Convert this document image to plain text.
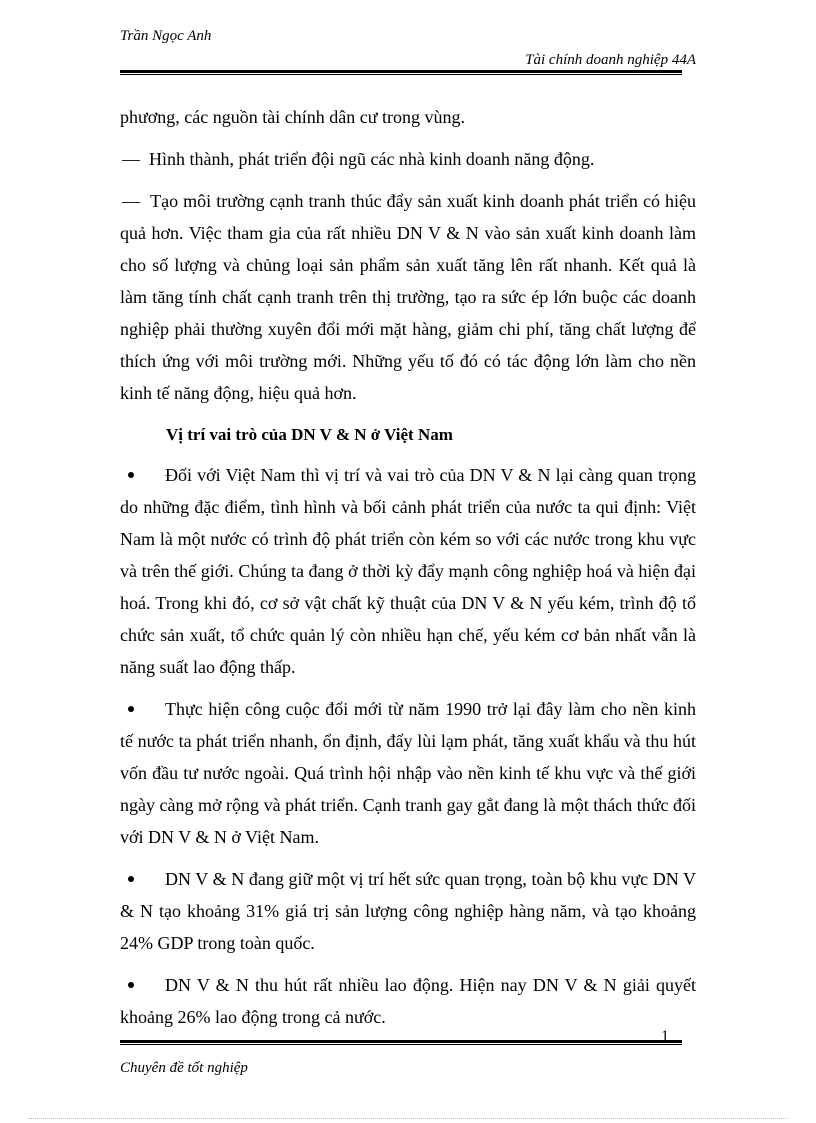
Trần Ngọc Anh
Tài chính doanh nghiệp 44A

phương, các nguồn tài chính dân cư trong vùng.

—  Hình thành, phát triển đội ngũ các nhà kinh doanh năng động.

—  Tạo môi trường cạnh tranh thúc đẩy sản xuất kinh doanh phát triển có hiệu quả hơn. Việc tham gia của rất nhiều DN V & N vào sản xuất kinh doanh làm cho số lượng và chủng loại sản phẩm sản xuất tăng lên rất nhanh. Kết quả là làm tăng tính chất cạnh tranh trên thị trường, tạo ra sức ép lớn buộc các doanh nghiệp phải thường xuyên đổi mới mặt hàng, giảm chi phí, tăng chất lượng để thích ứng với môi trường mới. Những yếu tố đó có tác động lớn làm cho nền kinh tế năng động, hiệu quả hơn.

Vị trí vai trò của DN V & N ở Việt Nam

Đối với Việt Nam thì vị trí và vai trò của DN V & N lại càng quan trọng do những đặc điểm, tình hình và bối cảnh phát triển của nước ta qui định: Việt Nam là một nước có trình độ phát triển còn kém so với các nước trong khu vực và trên thế giới. Chúng ta đang ở thời kỳ đẩy mạnh công nghiệp hoá và hiện đại hoá. Trong khi đó, cơ sở vật chất kỹ thuật của DN V & N yếu kém, trình độ tổ chức sản xuất, tổ chức quản lý còn nhiều hạn chế, yếu kém cơ bản nhất vẫn là năng suất lao động thấp.

Thực hiện công cuộc đổi mới từ năm 1990 trở lại đây làm cho nền kinh tế nước ta phát triển nhanh, ổn định, đẩy lùi lạm phát, tăng xuất khẩu và thu hút vốn đầu tư nước ngoài. Quá trình hội nhập vào nền kinh tế khu vực và thế giới ngày càng mở rộng và phát triển. Cạnh tranh gay gắt đang là một thách thức đối với DN V & N ở Việt Nam.

DN V & N đang giữ một vị trí hết sức quan trọng, toàn bộ khu vực DN V & N tạo khoảng 31% giá trị sản lượng công nghiệp hàng năm, và tạo khoảng 24% GDP trong toàn quốc.

DN V & N thu hút rất nhiều lao động. Hiện nay DN V & N giải quyết khoảng 26% lao động trong cả nước.

1
Chuyên đề tốt nghiệp
